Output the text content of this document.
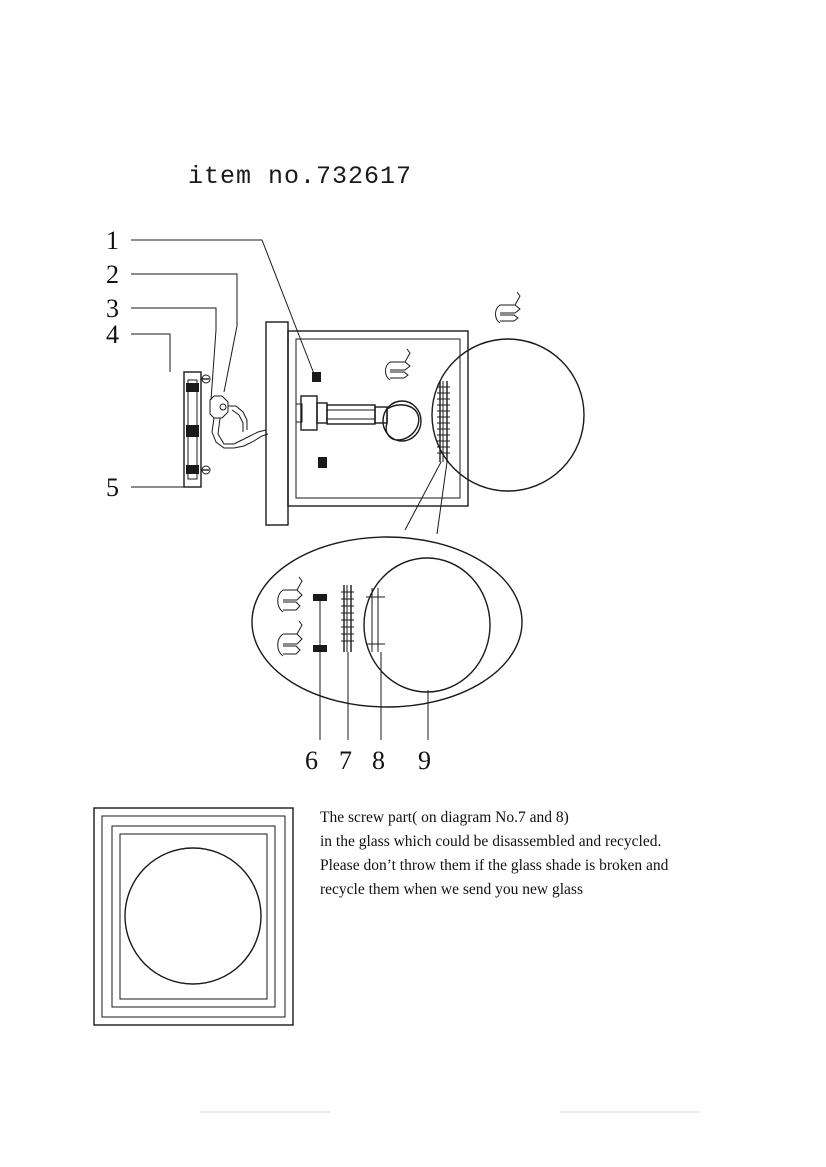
item no.732617
1
2
3
4
5
6 7 8 9
The screw part( on diagram No.7 and 8)
in the glass which could be disassembled and recycled.
Please don’t throw them if the glass shade is broken and
recycle them when we send you new glass
